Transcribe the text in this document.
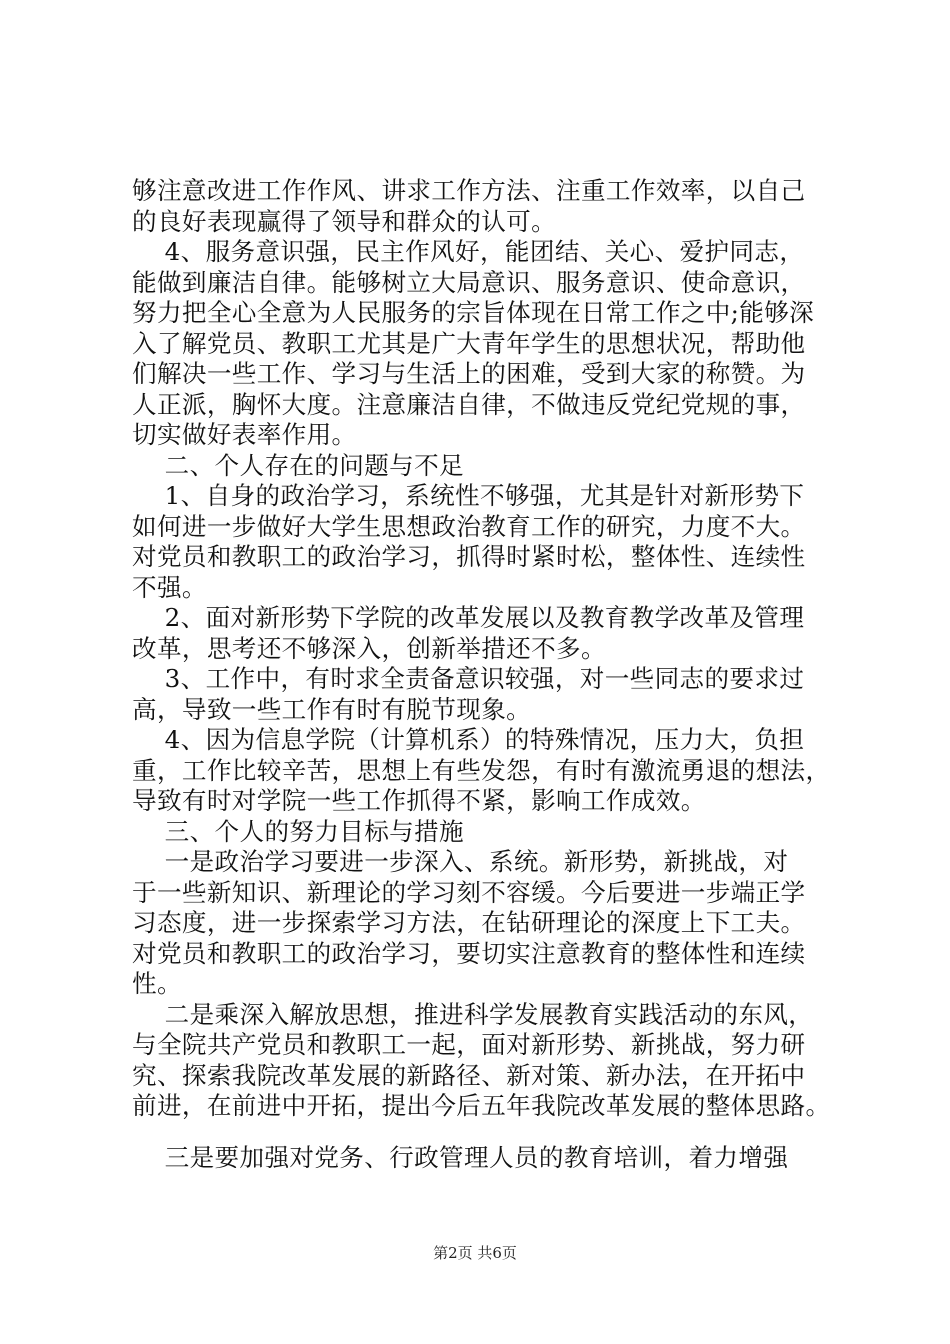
够注意改进工作作风、讲求工作方法、注重工作效率，以自己
的良好表现赢得了领导和群众的认可。
4、服务意识强，民主作风好，能团结、关心、爱护同志，
能做到廉洁自律。能够树立大局意识、服务意识、使命意识，
努力把全心全意为人民服务的宗旨体现在日常工作之中;能够深
入了解党员、教职工尤其是广大青年学生的思想状况，帮助他
们解决一些工作、学习与生活上的困难，受到大家的称赞。为
人正派，胸怀大度。注意廉洁自律，不做违反党纪党规的事，
切实做好表率作用。
二、个人存在的问题与不足
1、自身的政治学习，系统性不够强，尤其是针对新形势下
如何进一步做好大学生思想政治教育工作的研究，力度不大。
对党员和教职工的政治学习，抓得时紧时松，整体性、连续性
不强。
2、面对新形势下学院的改革发展以及教育教学改革及管理
改革，思考还不够深入，创新举措还不多。
3、工作中，有时求全责备意识较强，对一些同志的要求过
高，导致一些工作有时有脱节现象。
4、因为信息学院（计算机系）的特殊情况，压力大，负担
重，工作比较辛苦，思想上有些发怨，有时有激流勇退的想法，
导致有时对学院一些工作抓得不紧，影响工作成效。
三、个人的努力目标与措施
一是政治学习要进一步深入、系统。新形势，新挑战，对
于一些新知识、新理论的学习刻不容缓。今后要进一步端正学
习态度，进一步探索学习方法，在钻研理论的深度上下工夫。
对党员和教职工的政治学习，要切实注意教育的整体性和连续
性。
二是乘深入解放思想，推进科学发展教育实践活动的东风，
与全院共产党员和教职工一起，面对新形势、新挑战，努力研
究、探索我院改革发展的新路径、新对策、新办法，在开拓中
前进，在前进中开拓，提出今后五年我院改革发展的整体思路。
三是要加强对党务、行政管理人员的教育培训，着力增强
第2页 共6页
